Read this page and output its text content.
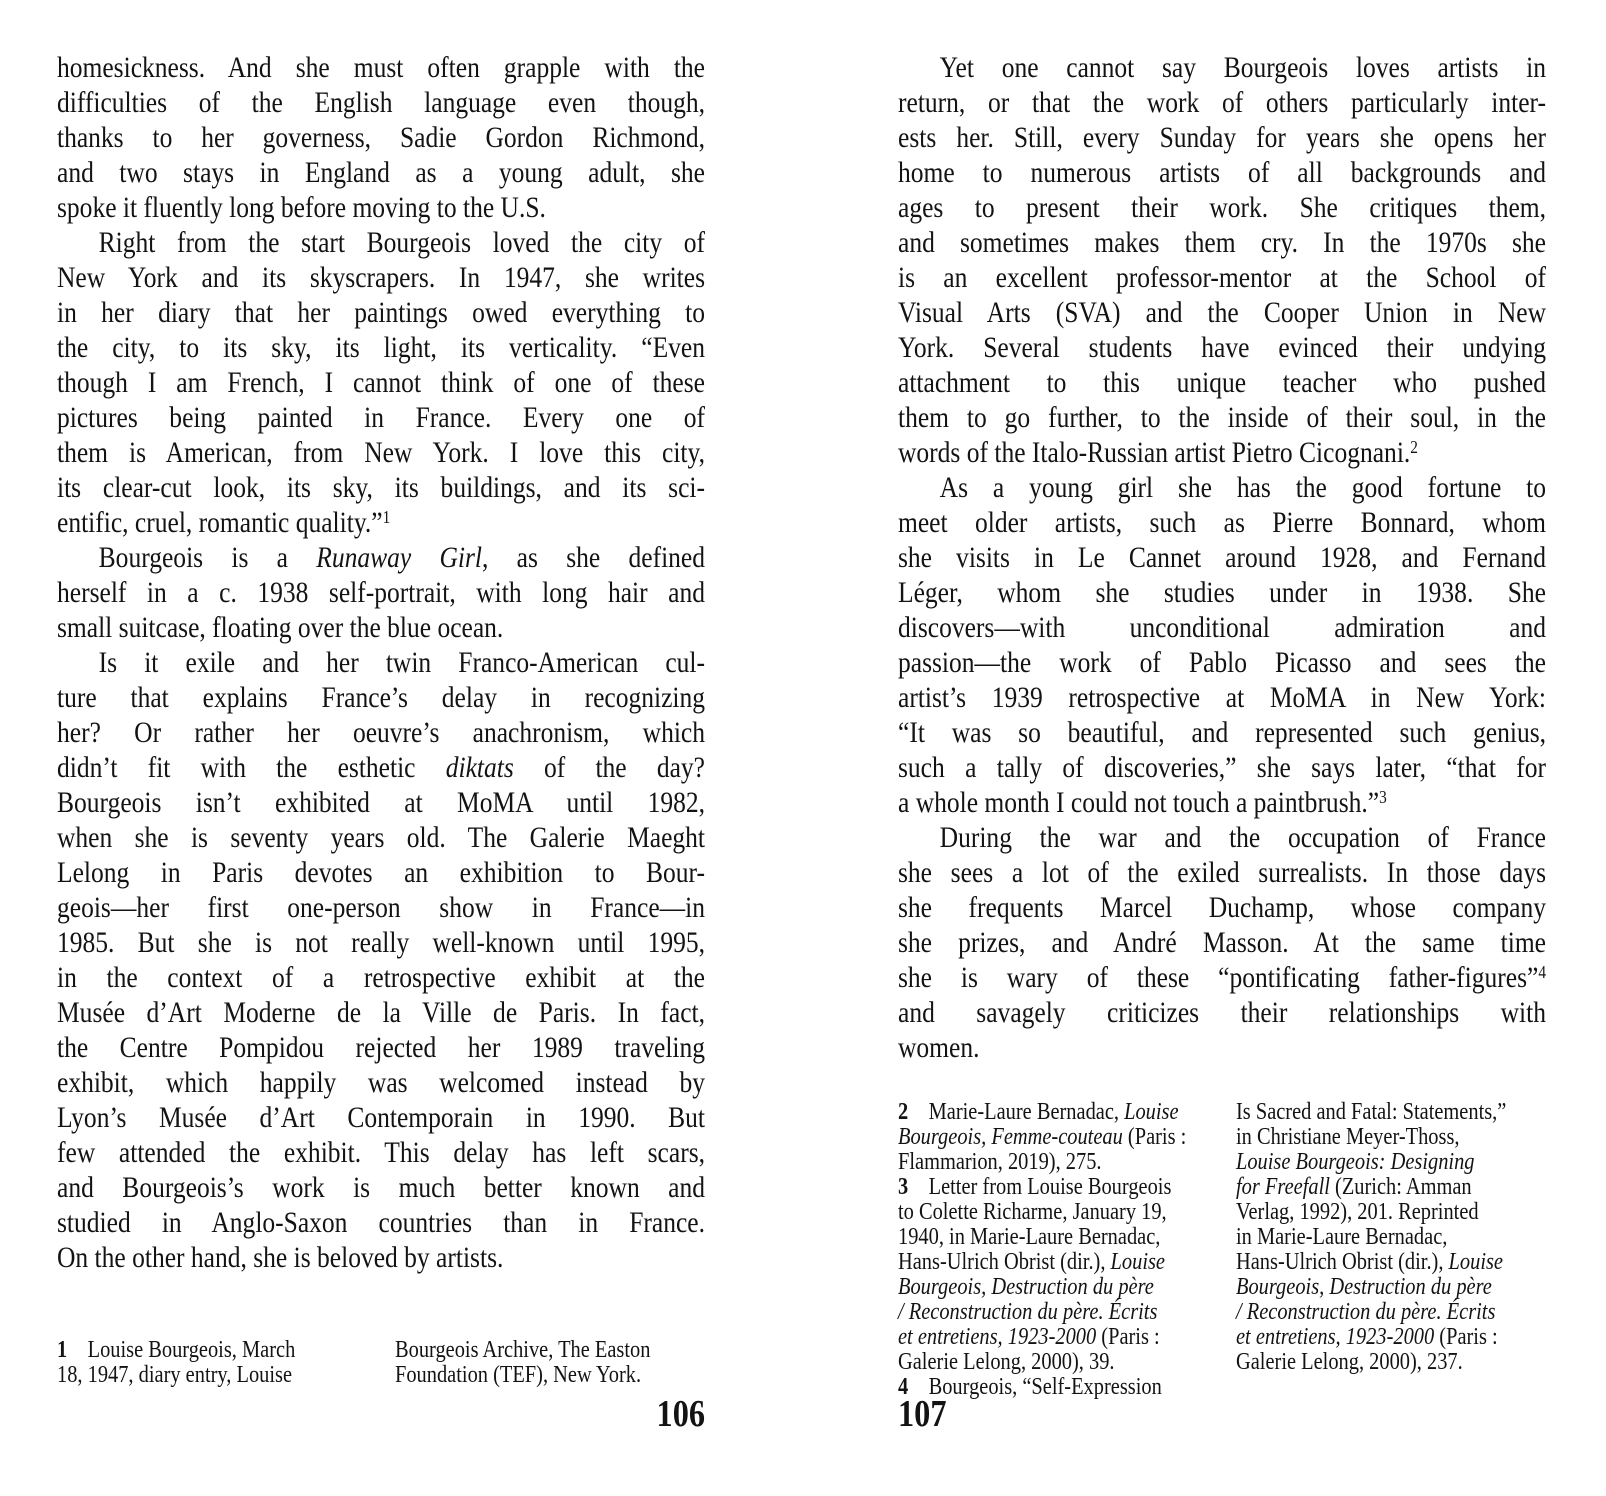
homesickness. And she must often grapple with the
difficulties of the English language even though,
thanks to her governess, Sadie Gordon Richmond,
and two stays in England as a young adult, she
spoke it fluently long before moving to the U.S.
Right from the start Bourgeois loved the city of
New York and its skyscrapers. In 1947, she writes
in her diary that her paintings owed everything to
the city, to its sky, its light, its verticality. “Even
though I am French, I cannot think of one of these
pictures being painted in France. Every one of
them is American, from New York. I love this city,
its clear-cut look, its sky, its buildings, and its sci-
entific, cruel, romantic quality.”$^1$
Bourgeois is a Runaway Girl, as she defined
herself in a c. 1938 self-portrait, with long hair and
small suitcase, floating over the blue ocean.
Is it exile and her twin Franco-American cul-
ture that explains France’s delay in recognizing
her? Or rather her oeuvre’s anachronism, which
didn’t fit with the esthetic diktats of the day?
Bourgeois isn’t exhibited at MoMA until 1982,
when she is seventy years old. The Galerie Maeght
Lelong in Paris devotes an exhibition to Bour-
geois—her first one-person show in France—in
1985. But she is not really well-known until 1995,
in the context of a retrospective exhibit at the
Musée d’Art Moderne de la Ville de Paris. In fact,
the Centre Pompidou rejected her 1989 traveling
exhibit, which happily was welcomed instead by
Lyon’s Musée d’Art Contemporain in 1990. But
few attended the exhibit. This delay has left scars,
and Bourgeois’s work is much better known and
studied in Anglo-Saxon countries than in France.
On the other hand, she is beloved by artists.
1 Louise Bourgeois, March
18, 1947, diary entry, Louise
Bourgeois Archive, The Easton
Foundation (TEF), New York.
106
Yet one cannot say Bourgeois loves artists in
return, or that the work of others particularly inter-
ests her. Still, every Sunday for years she opens her
home to numerous artists of all backgrounds and
ages to present their work. She critiques them,
and sometimes makes them cry. In the 1970s she
is an excellent professor-mentor at the School of
Visual Arts (SVA) and the Cooper Union in New
York. Several students have evinced their undying
attachment to this unique teacher who pushed
them to go further, to the inside of their soul, in the
words of the Italo-Russian artist Pietro Cicognani.$^2$
As a young girl she has the good fortune to
meet older artists, such as Pierre Bonnard, whom
she visits in Le Cannet around 1928, and Fernand
Léger, whom she studies under in 1938. She
discovers—with unconditional admiration and
passion—the work of Pablo Picasso and sees the
artist’s 1939 retrospective at MoMA in New York:
“It was so beautiful, and represented such genius,
such a tally of discoveries,” she says later, “that for
a whole month I could not touch a paintbrush.”$^3$
During the war and the occupation of France
she sees a lot of the exiled surrealists. In those days
she frequents Marcel Duchamp, whose company
she prizes, and André Masson. At the same time
she is wary of these “pontificating father-figures”$^4$
and savagely criticizes their relationships with
women.
2 Marie-Laure Bernadac, Louise
Bourgeois, Femme-couteau (Paris :
Flammarion, 2019), 275.
3 Letter from Louise Bourgeois
to Colette Richarme, January 19,
1940, in Marie-Laure Bernadac,
Hans-Ulrich Obrist (dir.), Louise
Bourgeois, Destruction du père
/ Reconstruction du père. Écrits
et entretiens, 1923-2000 (Paris :
Galerie Lelong, 2000), 39.
4 Bourgeois, “Self-Expression
Is Sacred and Fatal: Statements,”
in Christiane Meyer-Thoss,
Louise Bourgeois: Designing
for Freefall (Zurich: Amman
Verlag, 1992), 201. Reprinted
in Marie-Laure Bernadac,
Hans-Ulrich Obrist (dir.), Louise
Bourgeois, Destruction du père
/ Reconstruction du père. Écrits
et entretiens, 1923-2000 (Paris :
Galerie Lelong, 2000), 237.
107
